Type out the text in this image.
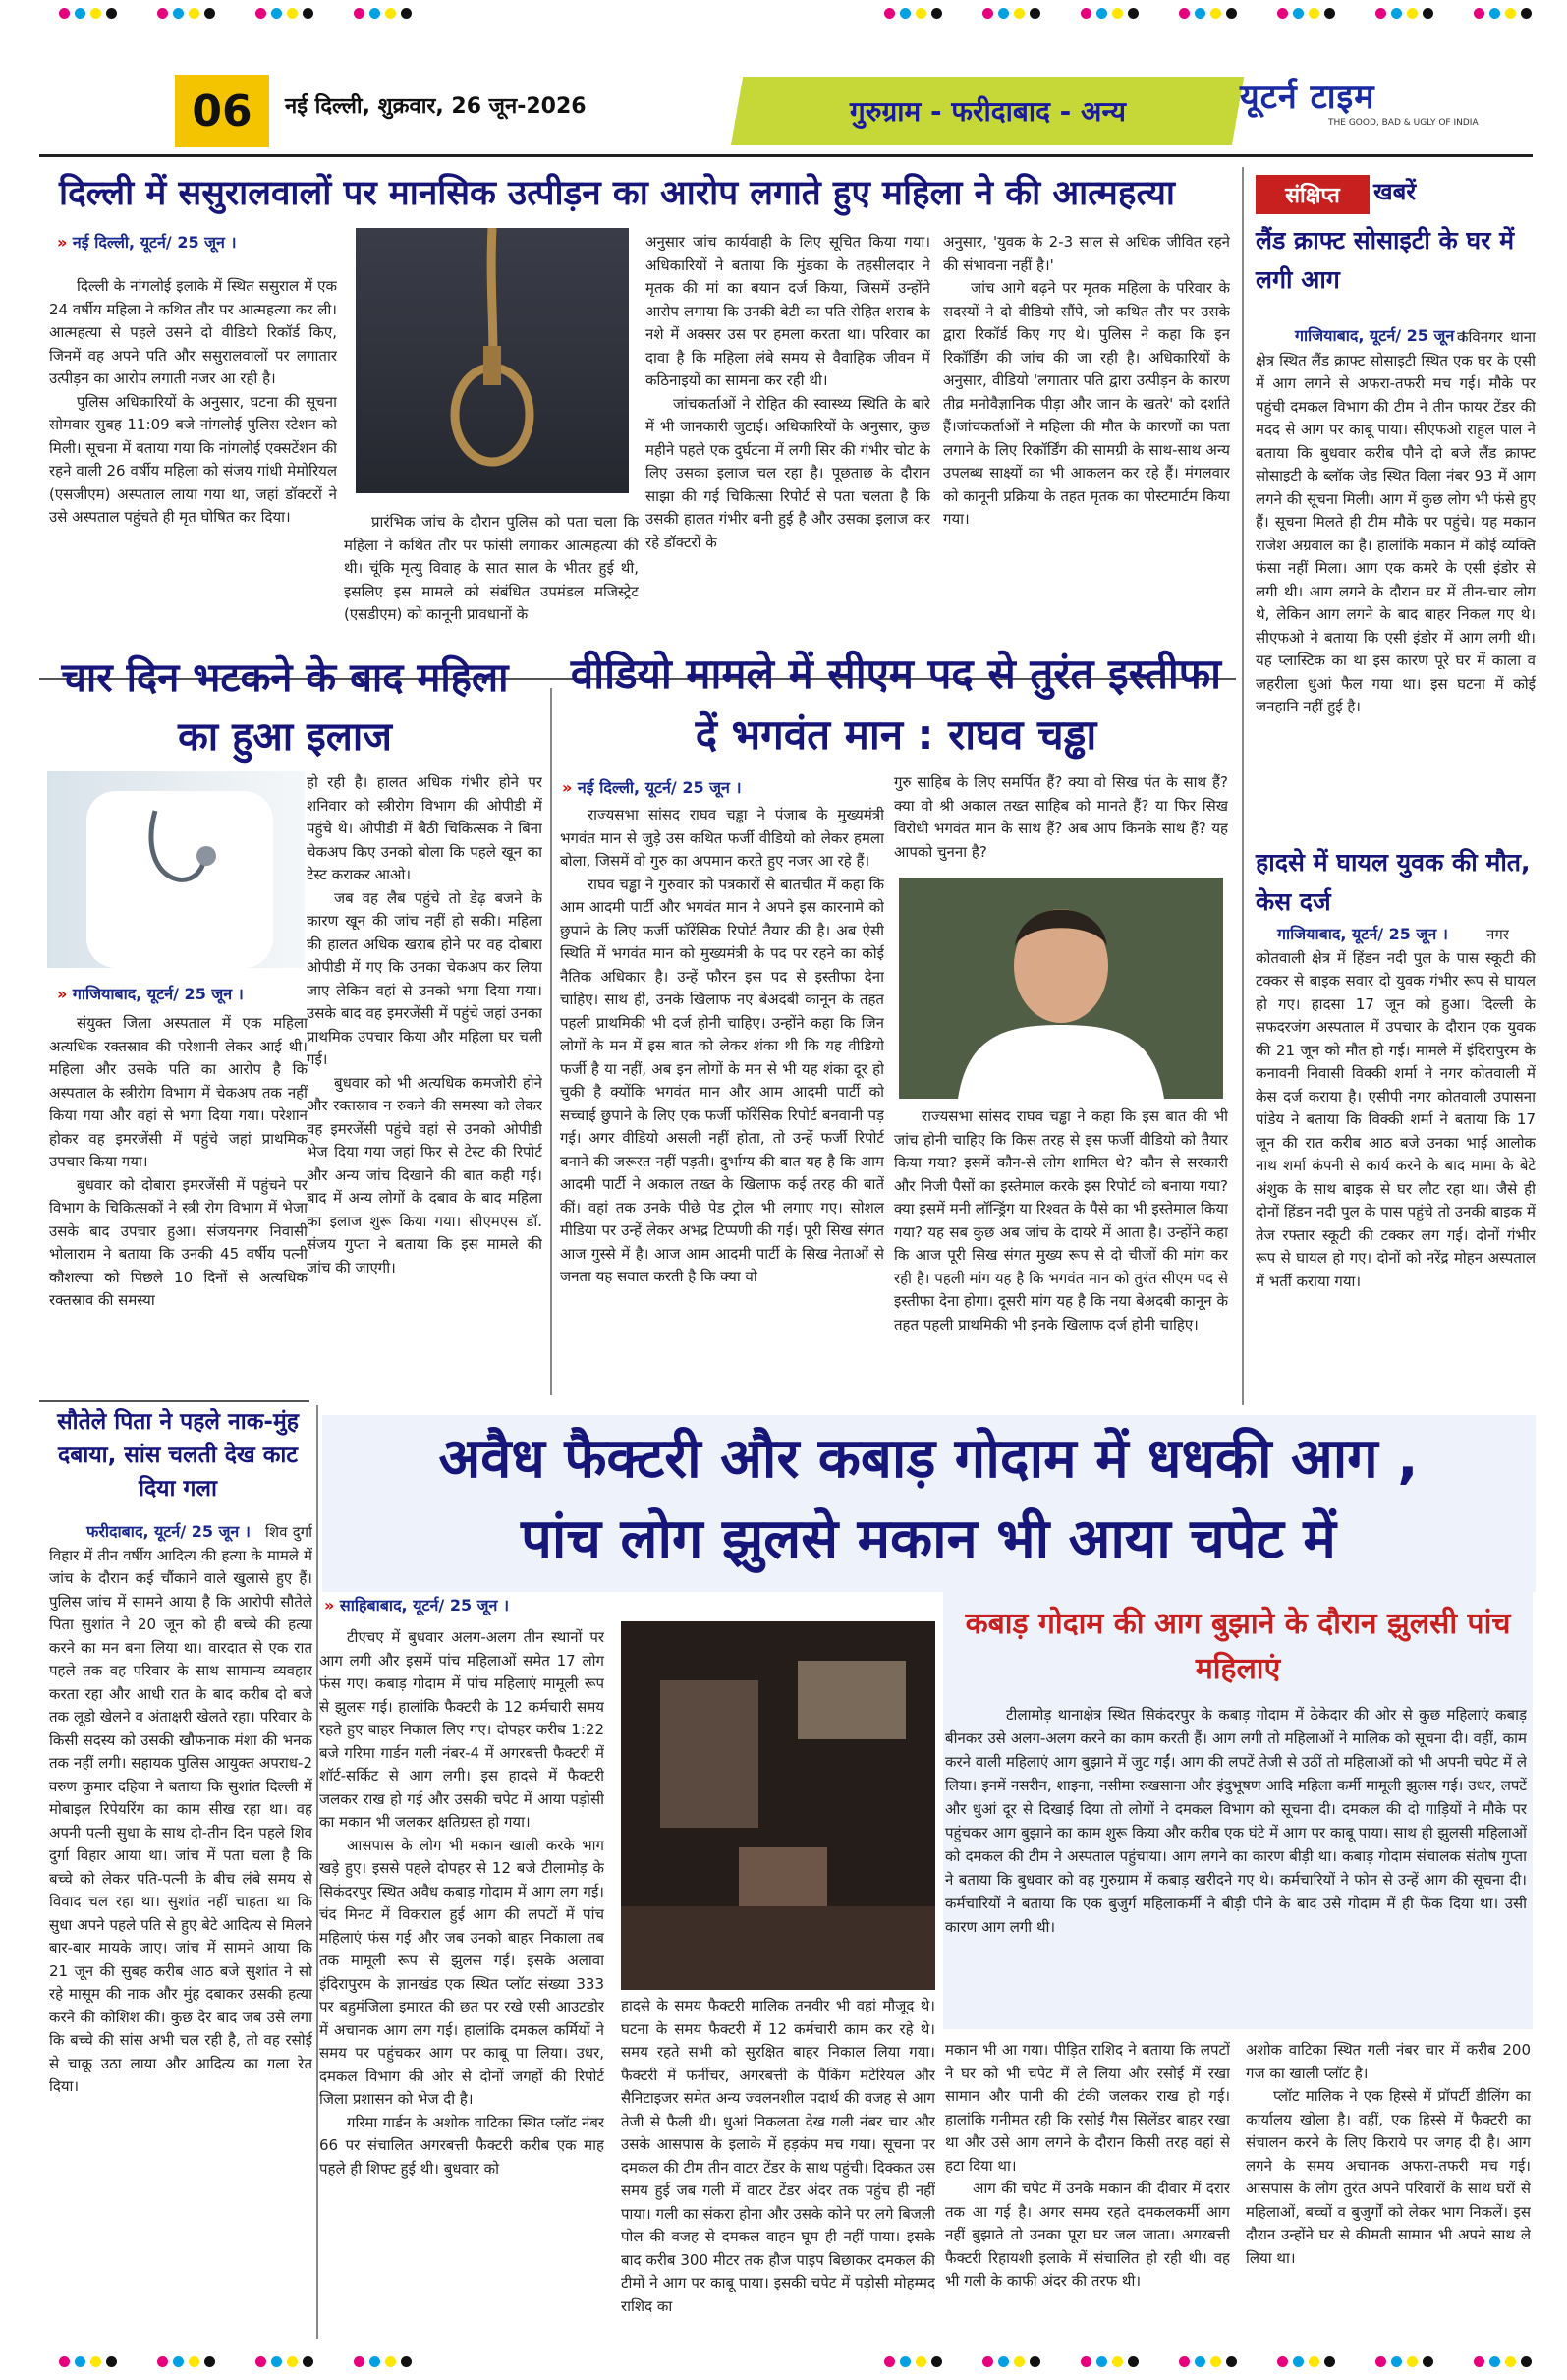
06	नई दिल्ली, शुक्रवार, 26 जून-2026	गुरुग्राम - फरीदाबाद - अन्य	यूटर्न टाइम
THE GOOD, BAD & UGLY OF INDIA
दिल्ली में ससुरालवालों पर मानसिक उत्पीड़न का आरोप लगाते हुए महिला ने की आत्महत्या
» नई दिल्ली, यूटर्न/ 25 जून ।

दिल्ली के नांगलोई इलाके में स्थित ससुराल में एक 24 वर्षीय महिला ने कथित तौर पर आत्महत्या कर ली। आत्महत्या से पहले उसने दो वीडियो रिकॉर्ड किए, जिनमें वह अपने पति और ससुरालवालों पर लगातार उत्पीड़न का आरोप लगाती नजर आ रही है।

पुलिस अधिकारियों के अनुसार, घटना की सूचना सोमवार सुबह 11:09 बजे नांगलोई पुलिस स्टेशन को मिली। सूचना में बताया गया कि नांगलोई एक्सटेंशन की रहने वाली 26 वर्षीय महिला को संजय गांधी मेमोरियल (एसजीएम) अस्पताल लाया गया था, जहां डॉक्टरों ने उसे अस्पताल पहुंचते ही मृत घोषित कर दिया।	प्रारंभिक जांच के दौरान पुलिस को पता चला कि महिला ने कथित तौर पर फांसी लगाकर आत्महत्या की थी। चूंकि मृत्यु विवाह के सात साल के भीतर हुई थी, इसलिए इस मामले को संबंधित उपमंडल मजिस्ट्रेट (एसडीएम) को कानूनी प्रावधानों के

अनुसार जांच कार्यवाही के लिए सूचित किया गया। अधिकारियों ने बताया कि मुंडका के तहसीलदार ने मृतक की मां का बयान दर्ज किया, जिसमें उन्होंने आरोप लगाया कि उनकी बेटी का पति रोहित शराब के नशे में अक्सर उस पर हमला करता था। परिवार का दावा है कि महिला लंबे समय से वैवाहिक जीवन में कठिनाइयों का सामना कर रही थी।

जांचकर्ताओं ने रोहित की स्वास्थ्य स्थिति के बारे में भी जानकारी जुटाई। अधिकारियों के अनुसार, कुछ महीने पहले एक दुर्घटना में लगी सिर की गंभीर चोट के लिए उसका इलाज चल रहा है। पूछताछ के दौरान साझा की गई चिकित्सा रिपोर्ट से पता चलता है कि उसकी हालत गंभीर बनी हुई है और उसका इलाज कर रहे डॉक्टरों के

अनुसार, 'युवक के 2-3 साल से अधिक जीवित रहने की संभावना नहीं है।'

जांच आगे बढ़ने पर मृतक महिला के परिवार के सदस्यों ने दो वीडियो सौंपे, जो कथित तौर पर उसके द्वारा रिकॉर्ड किए गए थे। पुलिस ने कहा कि इन रिकॉर्डिंग की जांच की जा रही है। अधिकारियों के अनुसार, वीडियो 'लगातार पति द्वारा उत्पीड़न के कारण तीव्र मनोवैज्ञानिक पीड़ा और जान के खतरे' को दर्शाते हैं।जांचकर्ताओं ने महिला की मौत के कारणों का पता लगाने के लिए रिकॉर्डिंग की सामग्री के साथ-साथ अन्य उपलब्ध साक्ष्यों का भी आकलन कर रहे हैं। मंगलवार को कानूनी प्रक्रिया के तहत मृतक का पोस्टमार्टम किया गया।

संक्षिप्त	खबरें
लैंड क्राफ्ट सोसाइटी के घर में लगी आग
गाजियाबाद, यूटर्न/ 25 जून ।

कविनगर थाना क्षेत्र स्थित लैंड क्राफ्ट सोसाइटी स्थित एक घर के एसी में आग लगने से अफरा-तफरी मच गई। मौके पर पहुंची दमकल विभाग की टीम ने तीन फायर टेंडर की मदद से आग पर काबू पाया। सीएफओ राहुल पाल ने बताया कि बुधवार करीब पौने दो बजे लैंड क्राफ्ट सोसाइटी के ब्लॉक जेड स्थित विला नंबर 93 में आग लगने की सूचना मिली। आग में कुछ लोग भी फंसे हुए हैं। सूचना मिलते ही टीम मौके पर पहुंचे। यह मकान राजेश अग्रवाल का है। हालांकि मकान में कोई व्यक्ति फंसा नहीं मिला। आग एक कमरे के एसी इंडोर से लगी थी। आग लगने के दौरान घर में तीन-चार लोग थे, लेकिन आग लगने के बाद बाहर निकल गए थे। सीएफओ ने बताया कि एसी इंडोर में आग लगी थी। यह प्लास्टिक का था इस कारण पूरे घर में काला व जहरीला धुआं फैल गया था। इस घटना में कोई जनहानि नहीं हुई है।

हादसे में घायल युवक की मौत, केस दर्ज
गाजियाबाद, यूटर्न/ 25 जून ।	नगर कोतवाली क्षेत्र में हिंडन नदी पुल के पास स्कूटी की टक्कर से बाइक सवार दो युवक गंभीर रूप से घायल हो गए। हादसा 17 जून को हुआ। दिल्ली के सफदरजंग अस्पताल में उपचार के दौरान एक युवक की 21 जून को मौत हो गई। मामले में इंदिरापुरम के कनावनी निवासी विक्की शर्मा ने नगर कोतवाली में केस दर्ज कराया है। एसीपी नगर कोतवाली उपासना पांडेय ने बताया कि विक्की शर्मा ने बताया कि 17 जून की रात करीब आठ बजे उनका भाई आलोक नाथ शर्मा कंपनी से कार्य करने के बाद मामा के बेटे अंशुक के साथ बाइक से घर लौट रहा था। जैसे ही दोनों हिंडन नदी पुल के पास पहुंचे तो उनकी बाइक में तेज रफ्तार स्कूटी की टक्कर लग गई। दोनों गंभीर रूप से घायल हो गए। दोनों को नरेंद्र मोहन अस्पताल में भर्ती कराया गया।

चार दिन भटकने के बाद महिला का हुआ इलाज
» गाजियाबाद, यूटर्न/ 25 जून ।

संयुक्त जिला अस्पताल में एक महिला अत्यधिक रक्तस्राव की परेशानी लेकर आई थी। महिला और उसके पति का आरोप है कि अस्पताल के स्त्रीरोग विभाग में चेकअप तक नहीं किया गया और वहां से भगा दिया गया। परेशान होकर वह इमरजेंसी में पहुंचे जहां प्राथमिक उपचार किया गया।

बुधवार को दोबारा इमरजेंसी में पहुंचने पर विभाग के चिकित्सकों ने स्त्री रोग विभाग में भेजा उसके बाद उपचार हुआ। संजयनगर निवासी भोलाराम ने बताया कि उनकी 45 वर्षीय पत्नी कौशल्या को पिछले 10 दिनों से अत्यधिक रक्तस्राव की समस्या

हो रही है। हालत अधिक गंभीर होने पर शनिवार को स्त्रीरोग विभाग की ओपीडी में पहुंचे थे। ओपीडी में बैठी चिकित्सक ने बिना चेकअप किए उनको बोला कि पहले खून का टेस्ट कराकर आओ।

जब वह लैब पहुंचे तो डेढ़ बजने के कारण खून की जांच नहीं हो सकी। महिला की हालत अधिक खराब होने पर वह दोबारा ओपीडी में गए कि उनका चेकअप कर लिया जाए लेकिन वहां से उनको भगा दिया गया। उसके बाद वह इमरजेंसी में पहुंचे जहां उनका प्राथमिक उपचार किया और महिला घर चली गई।

बुधवार को भी अत्यधिक कमजोरी होने और रक्तस्राव न रुकने की समस्या को लेकर वह इमरजेंसी पहुंचे वहां से उनको ओपीडी भेज दिया गया जहां फिर से टेस्ट की रिपोर्ट और अन्य जांच दिखाने की बात कही गई। बाद में अन्य लोगों के दबाव के बाद महिला का इलाज शुरू किया गया। सीएमएस डॉ. संजय गुप्ता ने बताया कि इस मामले की जांच की जाएगी।

वीडियो मामले में सीएम पद से तुरंत इस्तीफा दें भगवंत मान : राघव चड्ढा
» नई दिल्ली, यूटर्न/ 25 जून ।

राज्यसभा सांसद राघव चड्ढा ने पंजाब के मुख्यमंत्री भगवंत मान से जुड़े उस कथित फर्जी वीडियो को लेकर हमला बोला, जिसमें वो गुरु का अपमान करते हुए नजर आ रहे हैं।

राघव चड्ढा ने गुरुवार को पत्रकारों से बातचीत में कहा कि आम आदमी पार्टी और भगवंत मान ने अपने इस कारनामे को छुपाने के लिए फर्जी फॉरेंसिक रिपोर्ट तैयार की है। अब ऐसी स्थिति में भगवंत मान को मुख्यमंत्री के पद पर रहने का कोई नैतिक अधिकार है। उन्हें फौरन इस पद से इस्तीफा देना चाहिए। साथ ही, उनके खिलाफ नए बेअदबी कानून के तहत पहली प्राथमिकी भी दर्ज होनी चाहिए। उन्होंने कहा कि जिन लोगों के मन में इस बात को लेकर शंका थी कि यह वीडियो फर्जी है या नहीं, अब इन लोगों के मन से भी यह शंका दूर हो चुकी है क्योंकि भगवंत मान और आम आदमी पार्टी को सच्चाई छुपाने के लिए एक फर्जी फॉरेंसिक रिपोर्ट बनवानी पड़ गई। अगर वीडियो असली नहीं होता, तो उन्हें फर्जी रिपोर्ट बनाने की जरूरत नहीं पड़ती। दुर्भाग्य की बात यह है कि आम आदमी पार्टी ने अकाल तख्त के खिलाफ कई तरह की बातें कीं। वहां तक उनके पीछे पेड ट्रोल भी लगाए गए। सोशल मीडिया पर उन्हें लेकर अभद्र टिप्पणी की गई। पूरी सिख संगत आज गुस्से में है। आज आम आदमी पार्टी के सिख नेताओं से जनता यह सवाल करती है कि क्या वो

गुरु साहिब के लिए समर्पित हैं? क्या वो सिख पंत के साथ हैं? क्या वो श्री अकाल तख्त साहिब को मानते हैं? या फिर सिख विरोधी भगवंत मान के साथ हैं? अब आप किनके साथ हैं? यह आपको चुनना है?

राज्यसभा सांसद राघव चड्ढा ने कहा कि इस बात की भी जांच होनी चाहिए कि किस तरह से इस फर्जी वीडियो को तैयार किया गया? इसमें कौन-से लोग शामिल थे? कौन से सरकारी और निजी पैसों का इस्तेमाल करके इस रिपोर्ट को बनाया गया? क्या इसमें मनी लॉन्ड्रिंग या रिश्वत के पैसे का भी इस्तेमाल किया गया? यह सब कुछ अब जांच के दायरे में आता है। उन्होंने कहा कि आज पूरी सिख संगत मुख्य रूप से दो चीजों की मांग कर रही है। पहली मांग यह है कि भगवंत मान को तुरंत सीएम पद से इस्तीफा देना होगा। दूसरी मांग यह है कि नया बेअदबी कानून के तहत पहली प्राथमिकी भी इनके खिलाफ दर्ज होनी चाहिए।

सौतेले पिता ने पहले नाक-मुंह दबाया, सांस चलती देख काट दिया गला
फरीदाबाद, यूटर्न/ 25 जून ।	शिव दुर्गा विहार में तीन वर्षीय आदित्य की हत्या के मामले में जांच के दौरान कई चौंकाने वाले खुलासे हुए हैं। पुलिस जांच में सामने आया है कि आरोपी सौतेले पिता सुशांत ने 20 जून को ही बच्चे की हत्या करने का मन बना लिया था। वारदात से एक रात पहले तक वह परिवार के साथ सामान्य व्यवहार करता रहा और आधी रात के बाद करीब दो बजे तक लूडो खेलने व अंताक्षरी खेलते रहा। परिवार के किसी सदस्य को उसकी खौफनाक मंशा की भनक तक नहीं लगी। सहायक पुलिस आयुक्त अपराध-2 वरुण कुमार दहिया ने बताया कि सुशांत दिल्ली में मोबाइल रिपेयरिंग का काम सीख रहा था। वह अपनी पत्नी सुधा के साथ दो-तीन दिन पहले शिव दुर्गा विहार आया था। जांच में पता चला है कि बच्चे को लेकर पति-पत्नी के बीच लंबे समय से विवाद चल रहा था। सुशांत नहीं चाहता था कि सुधा अपने पहले पति से हुए बेटे आदित्य से मिलने बार-बार मायके जाए। जांच में सामने आया कि 21 जून की सुबह करीब आठ बजे सुशांत ने सो रहे मासूम की नाक और मुंह दबाकर उसकी हत्या करने की कोशिश की। कुछ देर बाद जब उसे लगा कि बच्चे की सांस अभी चल रही है, तो वह रसोई से चाकू उठा लाया और आदित्य का गला रेत दिया।

अवैध फैक्टरी और कबाड़ गोदाम में धधकी आग ,
पांच लोग झुलसे मकान भी आया चपेट में
» साहिबाबाद, यूटर्न/ 25 जून ।

टीएचए में बुधवार अलग-अलग तीन स्थानों पर आग लगी और इसमें पांच महिलाओं समेत 17 लोग फंस गए। कबाड़ गोदाम में पांच महिलाएं मामूली रूप से झुलस गई। हालांकि फैक्टरी के 12 कर्मचारी समय रहते हुए बाहर निकाल लिए गए। दोपहर करीब 1:22 बजे गरिमा गार्डन गली नंबर-4 में अगरबत्ती फैक्टरी में शॉर्ट-सर्किट से आग लगी। इस हादसे में फैक्टरी जलकर राख हो गई और उसकी चपेट में आया पड़ोसी का मकान भी जलकर क्षतिग्रस्त हो गया।

आसपास के लोग भी मकान खाली करके भाग खड़े हुए। इससे पहले दोपहर से 12 बजे टीलामोड़ के सिकंदरपुर स्थित अवैध कबाड़ गोदाम में आग लग गई। चंद मिनट में विकराल हुई आग की लपटों में पांच महिलाएं फंस गई और जब उनको बाहर निकाला तब तक मामूली रूप से झुलस गई। इसके अलावा इंदिरापुरम के ज्ञानखंड एक स्थित प्लॉट संख्या 333 पर बहुमंजिला इमारत की छत पर रखे एसी आउटडोर में अचानक आग लग गई। हालांकि दमकल कर्मियों ने समय पर पहुंचकर आग पर काबू पा लिया। उधर, दमकल विभाग की ओर से दोनों जगहों की रिपोर्ट जिला प्रशासन को भेज दी है।

गरिमा गार्डन के अशोक वाटिका स्थित प्लॉट नंबर 66 पर संचालित अगरबत्ती फैक्टरी करीब एक माह पहले ही शिफ्ट हुई थी। बुधवार को

हादसे के समय फैक्टरी मालिक तनवीर भी वहां मौजूद थे। घटना के समय फैक्टरी में 12 कर्मचारी काम कर रहे थे। समय रहते सभी को सुरक्षित बाहर निकाल लिया गया। फैक्टरी में फर्नीचर, अगरबत्ती के पैकिंग मटेरियल और सैनिटाइजर समेत अन्य ज्वलनशील पदार्थ की वजह से आग तेजी से फैली थी। धुआं निकलता देख गली नंबर चार और उसके आसपास के इलाके में हड़कंप मच गया। सूचना पर दमकल की टीम तीन वाटर टेंडर के साथ पहुंची। दिक्कत उस समय हुई जब गली में वाटर टेंडर अंदर तक पहुंच ही नहीं पाया। गली का संकरा होना और उसके कोने पर लगे बिजली पोल की वजह से दमकल वाहन घूम ही नहीं पाया। इसके बाद करीब 300 मीटर तक हौज पाइप बिछाकर दमकल की टीमों ने आग पर काबू पाया। इसकी चपेट में पड़ोसी मोहम्मद राशिद का

कबाड़ गोदाम की आग बुझाने के दौरान झुलसी पांच महिलाएं

टीलामोड़ थानाक्षेत्र स्थित सिकंदरपुर के कबाड़ गोदाम में ठेकेदार की ओर से कुछ महिलाएं कबाड़ बीनकर उसे अलग-अलग करने का काम करती हैं। आग लगी तो महिलाओं ने मालिक को सूचना दी। वहीं, काम करने वाली महिलाएं आग बुझाने में जुट गईं। आग की लपटें तेजी से उठीं तो महिलाओं को भी अपनी चपेट में ले लिया। इनमें नसरीन, शाइना, नसीमा रुखसाना और इंदुभूषण आदि महिला कर्मी मामूली झुलस गई। उधर, लपटें और धुआं दूर से दिखाई दिया तो लोगों ने दमकल विभाग को सूचना दी। दमकल की दो गाड़ियों ने मौके पर पहुंचकर आग बुझाने का काम शुरू किया और करीब एक घंटे में आग पर काबू पाया। साथ ही झुलसी महिलाओं को दमकल की टीम ने अस्पताल पहुंचाया। आग लगने का कारण बीड़ी था। कबाड़ गोदाम संचालक संतोष गुप्ता ने बताया कि बुधवार को वह गुरुग्राम में कबाड़ खरीदने गए थे। कर्मचारियों ने फोन से उन्हें आग की सूचना दी। कर्मचारियों ने बताया कि एक बुजुर्ग महिलाकर्मी ने बीड़ी पीने के बाद उसे गोदाम में ही फेंक दिया था। उसी कारण आग लगी थी।

मकान भी आ गया। पीड़ित राशिद ने बताया कि लपटों ने घर को भी चपेट में ले लिया और रसोई में रखा सामान और पानी की टंकी जलकर राख हो गई। हालांकि गनीमत रही कि रसोई गैस सिलेंडर बाहर रखा था और उसे आग लगने के दौरान किसी तरह वहां से हटा दिया था।

आग की चपेट में उनके मकान की दीवार में दरार तक आ गई है। अगर समय रहते दमकलकर्मी आग नहीं बुझाते तो उनका पूरा घर जल जाता। अगरबत्ती फैक्टरी रिहायशी इलाके में संचालित हो रही थी। वह भी गली के काफी अंदर की तरफ थी।

अशोक वाटिका स्थित गली नंबर चार में करीब 200 गज का खाली प्लॉट है।

प्लॉट मालिक ने एक हिस्से में प्रॉपर्टी डीलिंग का कार्यालय खोला है। वहीं, एक हिस्से में फैक्टरी का संचालन करने के लिए किराये पर जगह दी है। आग लगने के समय अचानक अफरा-तफरी मच गई। आसपास के लोग तुरंत अपने परिवारों के साथ घरों से महिलाओं, बच्चों व बुजुर्गों को लेकर भाग निकलें। इस दौरान उन्होंने घर से कीमती सामान भी अपने साथ ले लिया था।
